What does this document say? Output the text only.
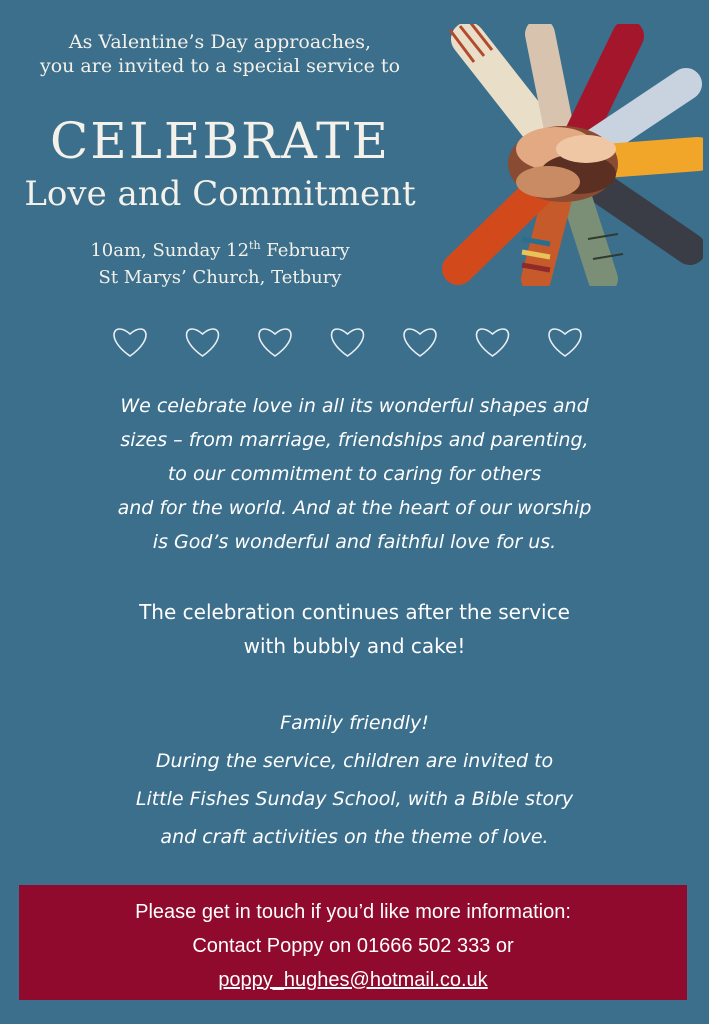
As Valentine’s Day approaches,
you are invited to a special service to
CELEBRATE
Love and Commitment
10am, Sunday 12th February
St Marys’ Church, Tetbury
We celebrate love in all its wonderful shapes and
sizes – from marriage, friendships and parenting,
to our commitment to caring for others
and for the world. And at the heart of our worship
is God’s wonderful and faithful love for us.
The celebration continues after the service
with bubbly and cake!
Family friendly!
During the service, children are invited to
Little Fishes Sunday School, with a Bible story
and craft activities on the theme of love.
Please get in touch if you’d like more information:
Contact Poppy on 01666 502 333 or
poppy_hughes@hotmail.co.uk
